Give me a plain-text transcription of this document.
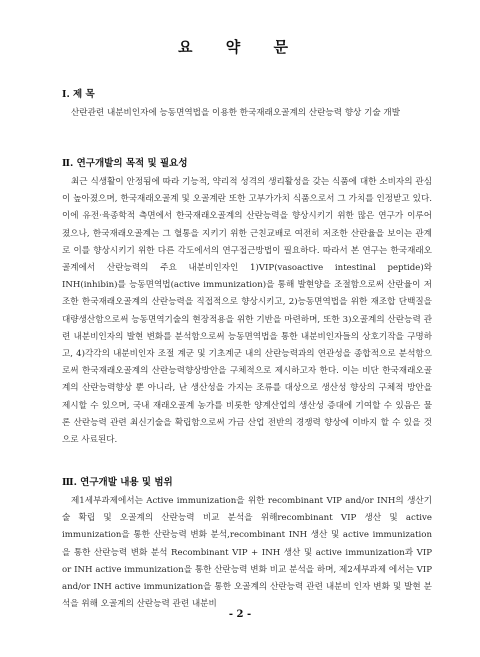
요 약 문
Ⅰ. 제 목

산란관련 내분비인자에 능동면역법을 이용한 한국재래오골계의 산란능력 향상 기술 개발

Ⅱ. 연구개발의 목적 및 필요성

최근 식생활이 안정됨에 따라 기능적, 약리적 성격의 생리활성을 갖는 식품에 대한 소비자의 관심이 높아졌으며, 한국재래오골계 및 오골계란 또한 고부가가치 식품으로서 그 가치를 인정받고 있다. 이에 유전·육종학적 측면에서 한국재래오골계의 산란능력을 향상시키기 위한 많은 연구가 이루어 졌으나, 한국재래오골계는 그 혈통을 지키기 위한 근친교배로 여전히 저조한 산란율을 보이는 관계로 이를 향상시키기 위한 다른 각도에서의 연구접근방법이 필요하다. 따라서 본 연구는 한국재래오골계에서 산란능력의 주요 내분비인자인 1)VIP(vasoactive intestinal peptide)와 INH(inhibin)를 능동면역법(active immunization)을 통해 발현양을 조절함으로써 산란율이 저조한 한국재래오골계의 산란능력을 직접적으로 향상시키고, 2)능동면역법을 위한 재조합 단백질을 대량생산함으로써 능동면역기술의 현장적용을 위한 기반을 마련하며, 또한 3)오골계의 산란능력 관련 내분비인자의 발현 변화를 분석함으로써 능동면역법을 통한 내분비인자들의 상호기작을 구명하고, 4)각각의 내분비인자 조절 계군 및 기초계군 내의 산란능력과의 연관성을 종합적으로 분석함으로써 한국재래오골계의 산란능력향상방안을 구체적으로 제시하고자 한다. 이는 비단 한국재래오골계의 산란능력향상 뿐 아니라, 난 생산성을 가지는 조류를 대상으로 생산성 향상의 구체적 방안을 제시할 수 있으며, 국내 재래오골계 농가를 비롯한 양계산업의 생산성 증대에 기여할 수 있음은 물론 산란능력 관련 최신기술을 확립함으로써 가금 산업 전반의 경쟁력 향상에 이바지 할 수 있을 것으로 사료된다.

Ⅲ. 연구개발 내용 및 범위

제1세부과제에서는 Active immunization을 위한 recombinant VIP and/or INH의 생산기술 확립 및 오골계의 산란능력 비교 분석을 위해recombinant VIP 생산 및 active immunization을 통한 산란능력 변화 분석,recombinant INH 생산 및 active immunization을 통한 산란능력 변화 분석 Recombinant VIP + INH 생산 및 active immunization과 VIP or INH active immunization을 통한 산란능력 변화 비교 분석을 하며, 제2세부과제 에서는 VIP and/or INH active immunization을 통한 오골계의 산란능력 관련 내분비 인자 변화 및 발현 분석을 위해 오골계의 산란능력 관련 내분비

- 2 -
